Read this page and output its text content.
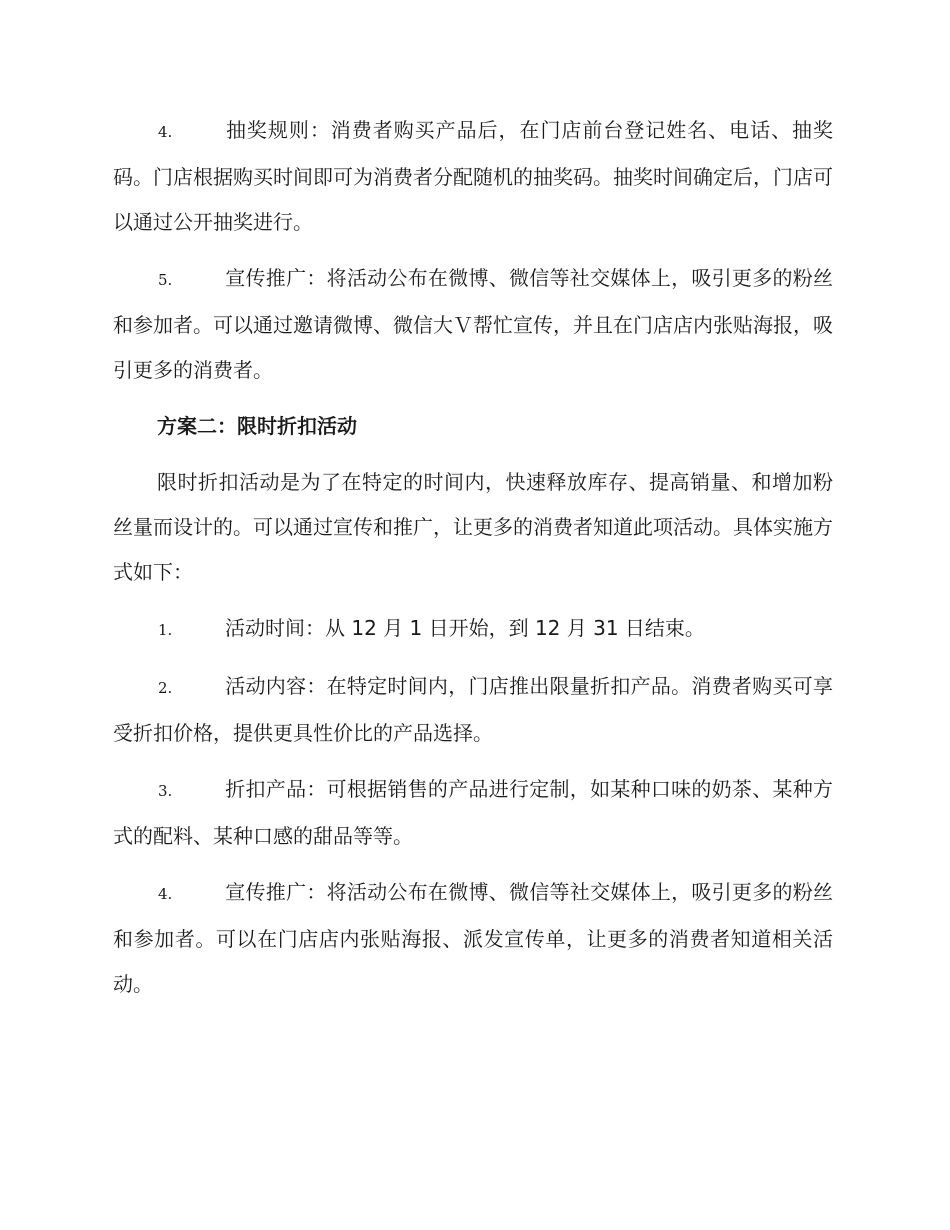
4.	抽奖规则：消费者购买产品后，在门店前台登记姓名、电话、抽奖码。门店根据购买时间即可为消费者分配随机的抽奖码。抽奖时间确定后，门店可以通过公开抽奖进行。

5.	宣传推广：将活动公布在微博、微信等社交媒体上，吸引更多的粉丝和参加者。可以通过邀请微博、微信大Ｖ帮忙宣传，并且在门店店内张贴海报，吸引更多的消费者。

方案二：限时折扣活动

限时折扣活动是为了在特定的时间内，快速释放库存、提高销量、和增加粉丝量而设计的。可以通过宣传和推广，让更多的消费者知道此项活动。具体实施方式如下：

1.	活动时间：从 12 月 1 日开始，到 12 月 31 日结束。

2.	活动内容：在特定时间内，门店推出限量折扣产品。消费者购买可享受折扣价格，提供更具性价比的产品选择。

3.	折扣产品：可根据销售的产品进行定制，如某种口味的奶茶、某种方式的配料、某种口感的甜品等等。

4.	宣传推广：将活动公布在微博、微信等社交媒体上，吸引更多的粉丝和参加者。可以在门店店内张贴海报、派发宣传单，让更多的消费者知道相关活动。
